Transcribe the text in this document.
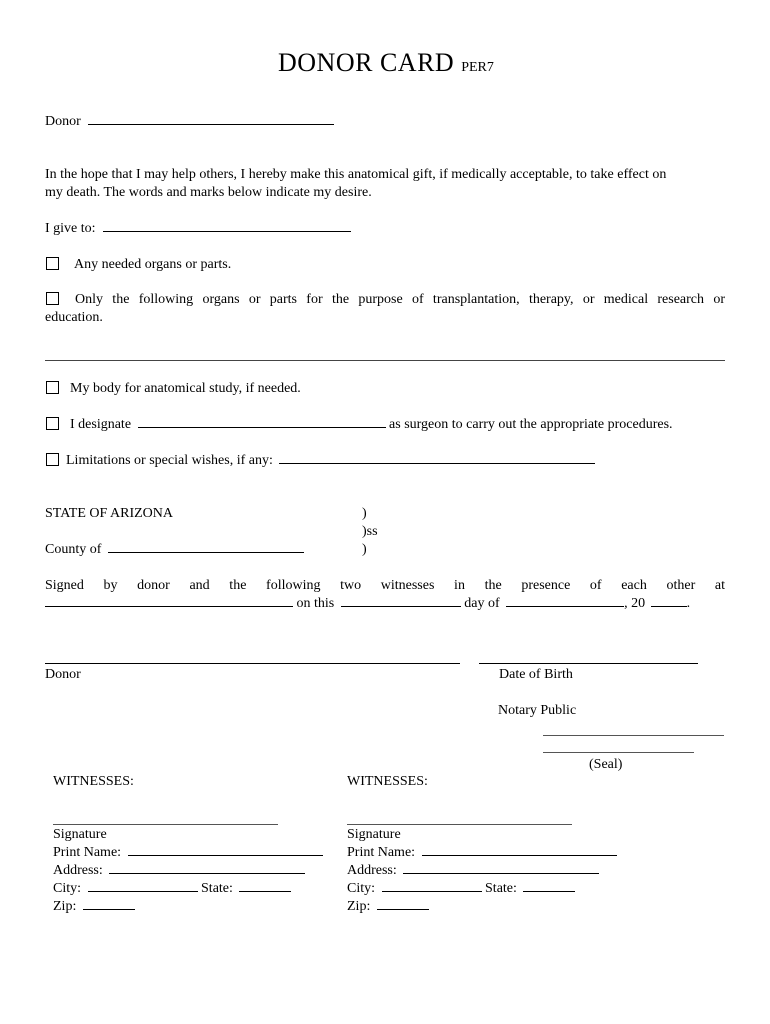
DONOR CARD PER7
Donor
In the hope that I may help others, I hereby make this anatomical gift, if medically acceptable, to take effect on
my death. The words and marks below indicate my desire.
I give to:
Any needed organs or parts.
Only the following organs or parts for the purpose of transplantation, therapy, or medical research or
education.
My body for anatomical study, if needed.
I designate	as surgeon to carry out the appropriate procedures.
Limitations or special wishes, if any:
STATE OF ARIZONA
County of
)
)ss
)
Signed by donor and the following two witnesses in the presence of each other at
on this	day of	, 20	.
Donor	Date of Birth
Notary Public
(Seal)
WITNESSES:
Signature
Print Name:
Address:
City:	State:
Zip:
WITNESSES:
Signature
Print Name:
Address:
City:	State:
Zip:
